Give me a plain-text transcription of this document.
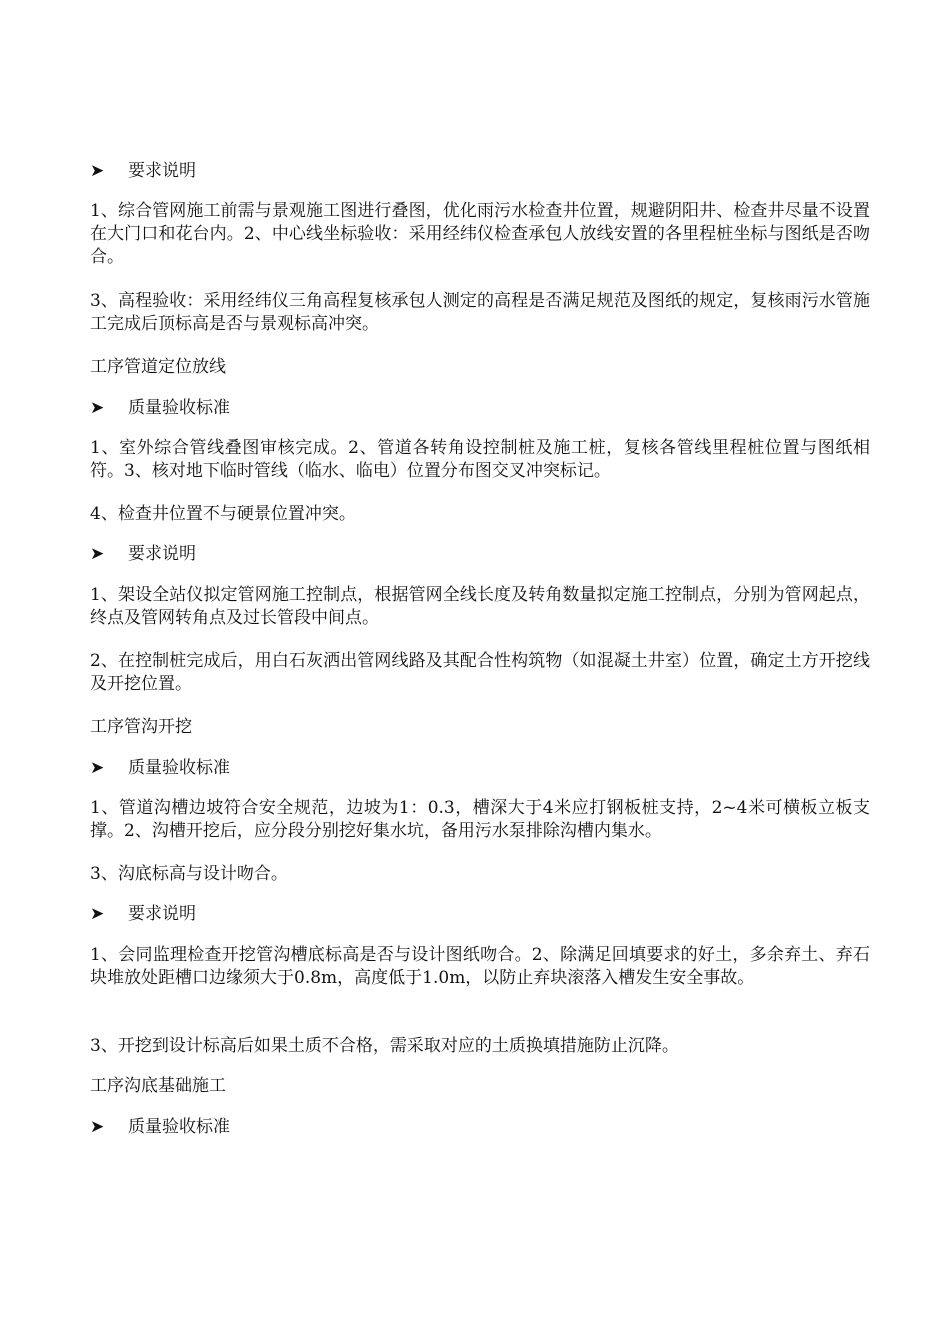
➤ 要求说明
1、综合管网施工前需与景观施工图进行叠图，优化雨污水检查井位置，规避阴阳井、检查井尽量不设置在大门口和花台内。2、中心线坐标验收：采用经纬仪检查承包人放线安置的各里程桩坐标与图纸是否吻合。
3、高程验收：采用经纬仪三角高程复核承包人测定的高程是否满足规范及图纸的规定，复核雨污水管施工完成后顶标高是否与景观标高冲突。
工序管道定位放线
➤ 质量验收标准
1、室外综合管线叠图审核完成。2、管道各转角设控制桩及施工桩，复核各管线里程桩位置与图纸相符。3、核对地下临时管线（临水、临电）位置分布图交叉冲突标记。
4、检查井位置不与硬景位置冲突。
➤ 要求说明
1、架设全站仪拟定管网施工控制点，根据管网全线长度及转角数量拟定施工控制点，分别为管网起点，终点及管网转角点及过长管段中间点。
2、在控制桩完成后，用白石灰洒出管网线路及其配合性构筑物（如混凝土井室）位置，确定土方开挖线及开挖位置。
工序管沟开挖
➤ 质量验收标准
1、管道沟槽边坡符合安全规范，边坡为1：0.3，槽深大于4米应打钢板桩支持，2~4米可横板立板支撑。2、沟槽开挖后，应分段分别挖好集水坑，备用污水泵排除沟槽内集水。
3、沟底标高与设计吻合。
➤ 要求说明
1、会同监理检查开挖管沟槽底标高是否与设计图纸吻合。2、除满足回填要求的好土，多余弃土、弃石块堆放处距槽口边缘须大于0.8m，高度低于1.0m，以防止弃块滚落入槽发生安全事故。
3、开挖到设计标高后如果土质不合格，需采取对应的土质换填措施防止沉降。
工序沟底基础施工
➤ 质量验收标准
